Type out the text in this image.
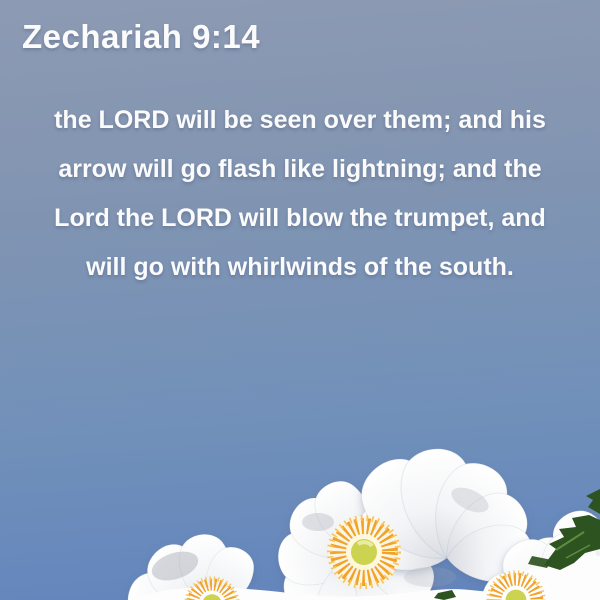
Zechariah 9:14
the LORD will be seen over them; and his
arrow will go flash like lightning; and the
Lord the LORD will blow the trumpet, and
will go with whirlwinds of the south.
